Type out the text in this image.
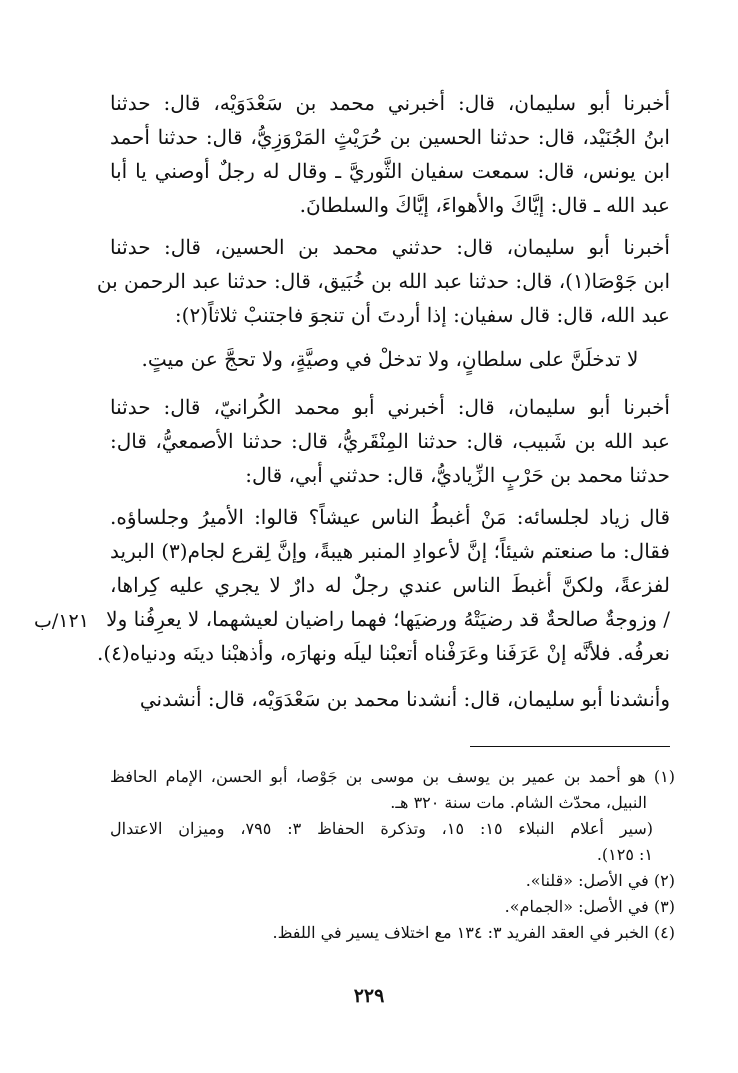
أخبرنا أبو سليمان، قال: أخبرني محمد بن سَعْدَوَيْه، قال: حدثنا
ابنُ الجُنَيْد، قال: حدثنا الحسين بن حُرَيْثٍ المَرْوَزِيُّ، قال: حدثنا أحمد
ابن يونس، قال: سمعت سفيان الثَّوريَّ ـ وقال له رجلٌ أوصني يا أبا
عبد الله ـ قال: إيَّاكَ والأهواءَ، إيَّاكَ والسلطانَ.
أخبرنا أبو سليمان، قال: حدثني محمد بن الحسين، قال: حدثنا
ابن جَوْصَا(١)، قال: حدثنا عبد الله بن خُبَيق، قال: حدثنا عبد الرحمن بن
عبد الله، قال: قال سفيان: إذا أردتَ أن تنجوَ فاجتنبْ ثلاثاً(٢):
لا تدخلَنَّ على سلطانٍ، ولا تدخلْ في وصيَّةٍ، ولا تحجَّ عن ميتٍ.
أخبرنا أبو سليمان، قال: أخبرني أبو محمد الكُرانيّ، قال: حدثنا
عبد الله بن شَبيب، قال: حدثنا المِنْقَريُّ، قال: حدثنا الأصمعيُّ، قال:
حدثنا محمد بن حَرْبٍ الزِّياديُّ، قال: حدثني أبي، قال:
قال زياد لجلسائه: مَنْ أغبطُ الناس عيشاً؟ قالوا: الأميرُ وجلساؤه.
فقال: ما صنعتم شيئاً؛ إنَّ لأعوادِ المنبر هيبةً، وإنَّ لِقرع لجام(٣) البريد
لفزعةً، ولكنَّ أغبطَ الناس عندي رجلٌ له دارٌ لا يجري عليه كِراها،
/ وزوجةٌ صالحةٌ قد رضيَتْهُ ورضيَها؛ فهما راضيان لعيشهما، لا يعرِفُنا ولا
نعرفُه. فلأنَّه إنْ عَرَفَنا وعَرَفْناه أتعبْنا ليلَه ونهارَه، وأذهبْنا دينَه ودنياه(٤).
وأنشدنا أبو سليمان، قال: أنشدنا محمد بن سَعْدَوَيْه، قال: أنشدني
١٢١/ب
(١) هو أحمد بن عمير بن يوسف بن موسى بن جَوْصا، أبو الحسن، الإمام الحافظ
النبيل، محدّث الشام. مات سنة ٣٢٠ هـ.
(سير أعلام النبلاء ١٥: ١٥، وتذكرة الحفاظ ٣: ٧٩٥، وميزان الاعتدال
١: ١٢٥).
(٢) في الأصل: «قلنا».
(٣) في الأصل: «الجمام».
(٤) الخبر في العقد الفريد ٣: ١٣٤ مع اختلاف يسير في اللفظ.
٢٢٩
